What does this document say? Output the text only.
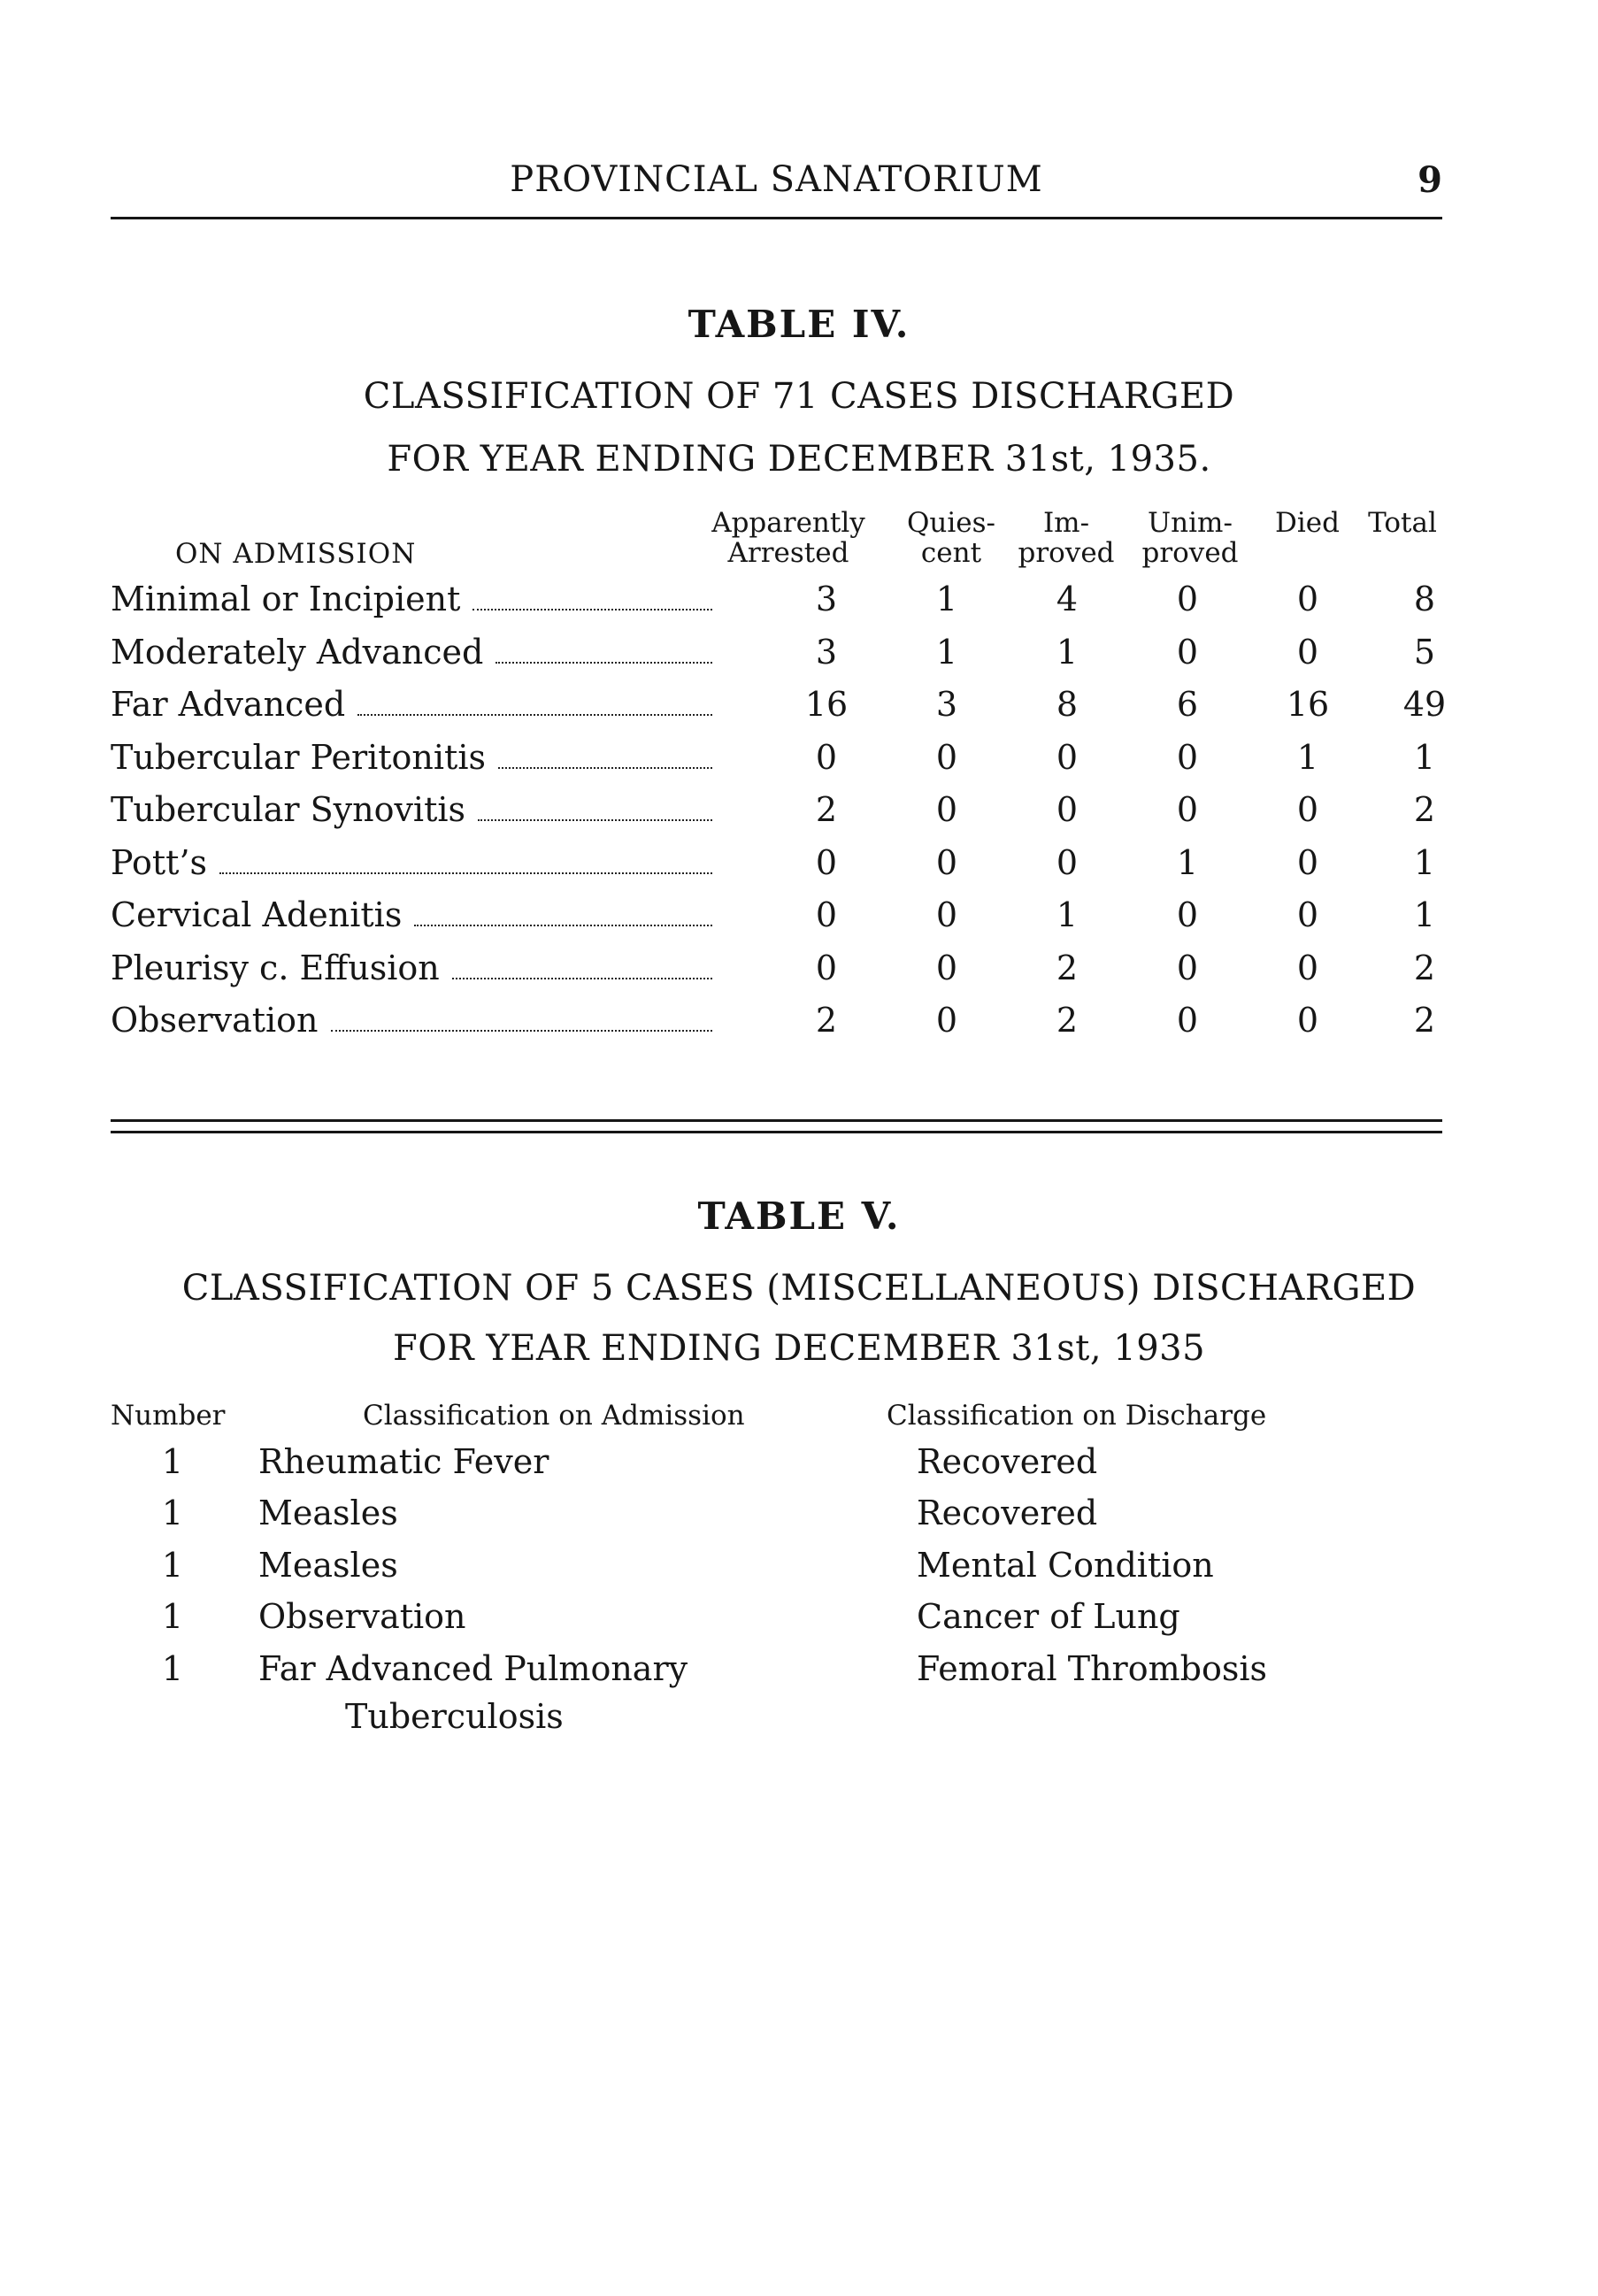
PROVINCIAL SANATORIUM	9
TABLE IV.
CLASSIFICATION OF 71 CASES DISCHARGED
FOR YEAR ENDING DECEMBER 31st, 1935.
ON ADMISSION
Apparently
Arrested
Quies-
cent
Im-
proved
Unim-
proved
Died	Total
Minimal or Incipient	3	1	4	0	0	8
Moderately Advanced	3	1	1	0	0	5
Far Advanced	16	3	8	6	16	49
Tubercular Peritonitis	0	0	0	0	1	1
Tubercular Synovitis	2	0	0	0	0	2
Pott’s	0	0	0	1	0	1
Cervical Adenitis	0	0	1	0	0	1
Pleurisy c. Effusion	0	0	2	0	0	2
Observation	2	0	2	0	0	2
TABLE V.
CLASSIFICATION OF 5 CASES (MISCELLANEOUS) DISCHARGED
FOR YEAR ENDING DECEMBER 31st, 1935
Number	Classification on Admission	Classification on Discharge
1 Rheumatic Fever	Recovered
1 Measles	Recovered
1 Measles	Mental Condition
1 Observation	Cancer of Lung
1 Far Advanced Pulmonary	Femoral Thrombosis
Tuberculosis
